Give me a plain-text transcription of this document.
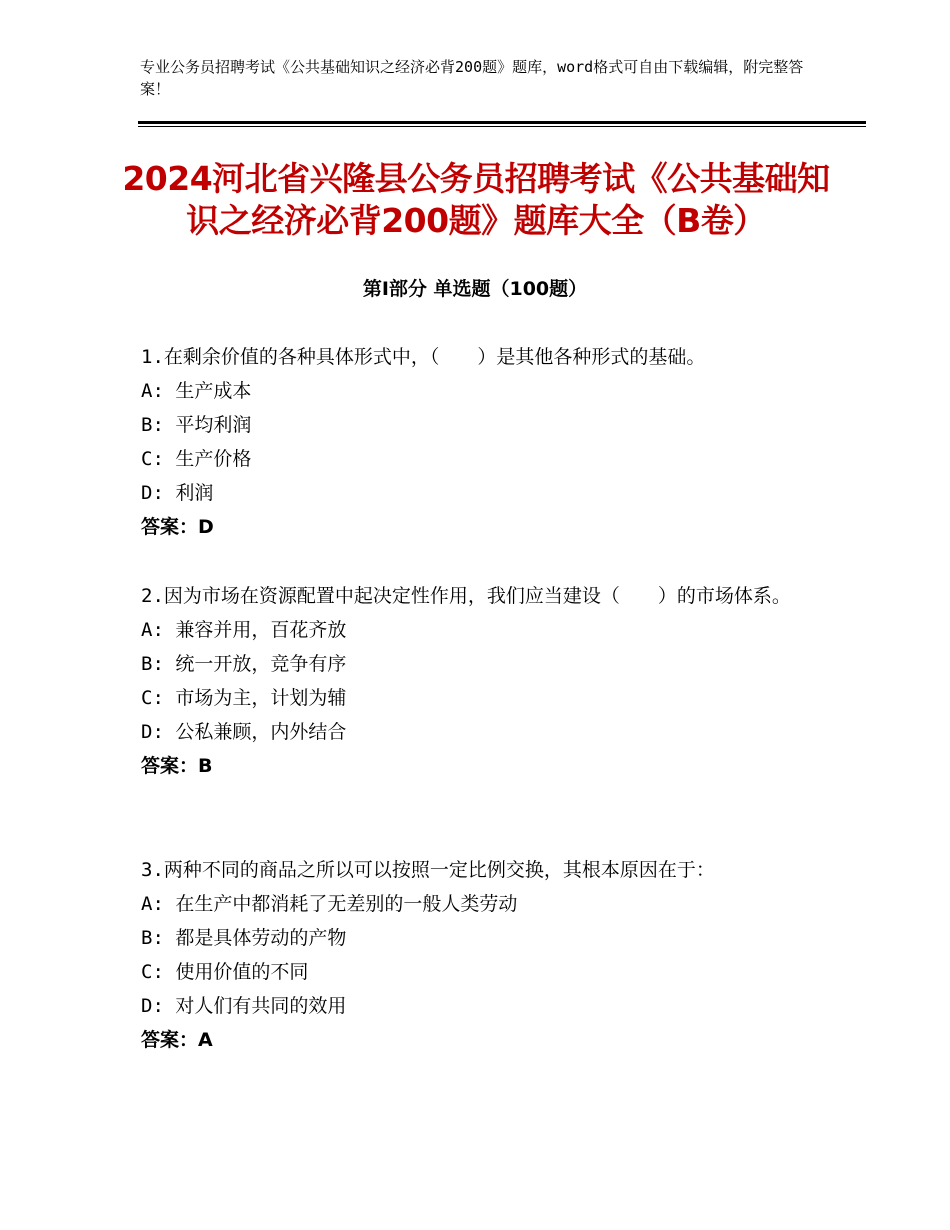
专业公务员招聘考试《公共基础知识之经济必背200题》题库，word格式可自由下载编辑，附完整答案！
2024河北省兴隆县公务员招聘考试《公共基础知识之经济必背200题》题库大全（B卷）
第Ⅰ部分 单选题（100题）
1.在剩余价值的各种具体形式中，（　　）是其他各种形式的基础。
A: 生产成本
B: 平均利润
C: 生产价格
D: 利润
答案：D
2.因为市场在资源配置中起决定性作用，我们应当建设（　　）的市场体系。
A: 兼容并用，百花齐放
B: 统一开放，竞争有序
C: 市场为主，计划为辅
D: 公私兼顾，内外结合
答案：B
3.两种不同的商品之所以可以按照一定比例交换，其根本原因在于：
A: 在生产中都消耗了无差别的一般人类劳动
B: 都是具体劳动的产物
C: 使用价值的不同
D: 对人们有共同的效用
答案：A
